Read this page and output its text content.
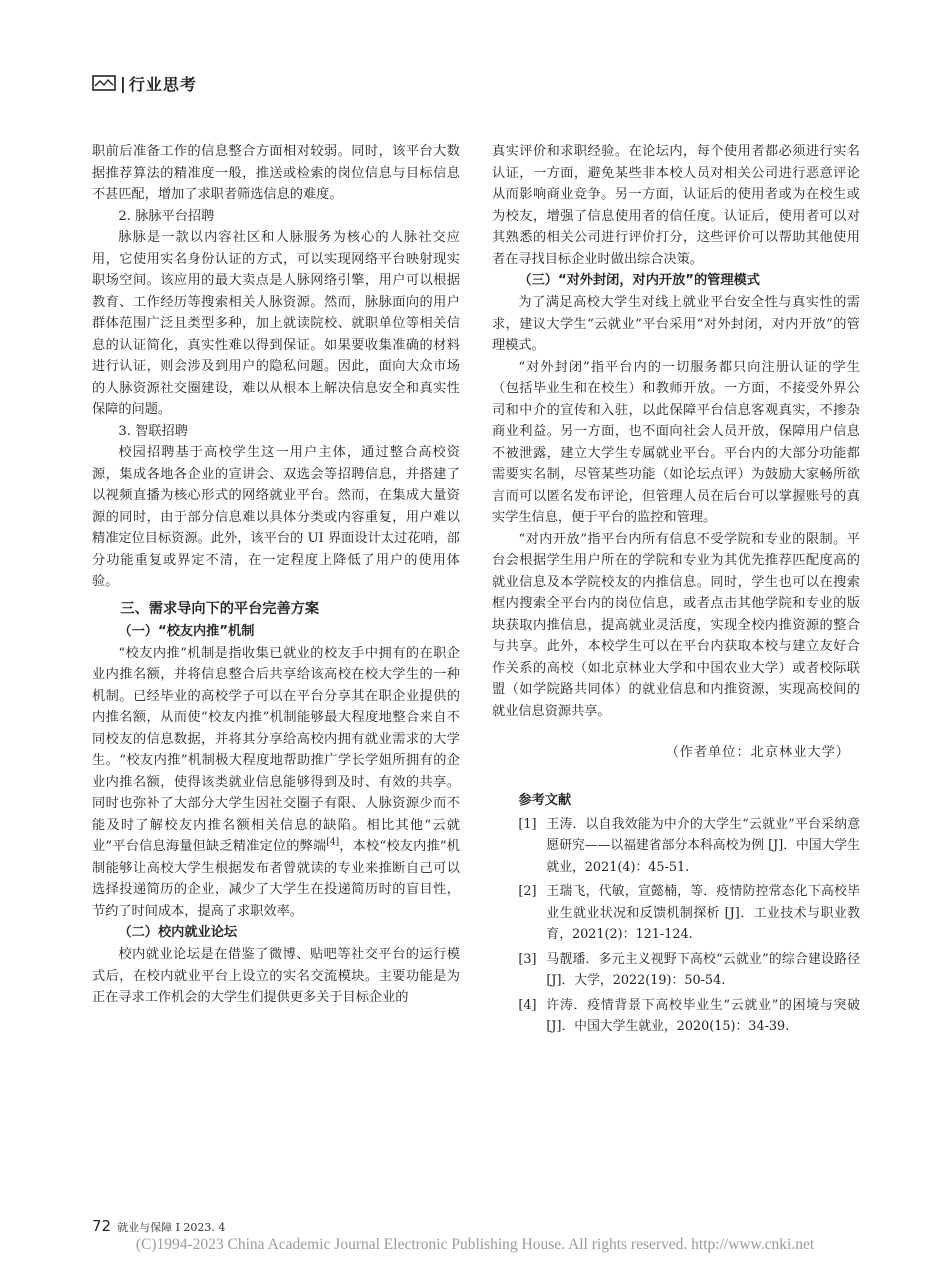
| 行业思考

职前后准备工作的信息整合方面相对较弱。同时，该平台大数据推荐算法的精准度一般，推送或检索的岗位信息与目标信息不甚匹配，增加了求职者筛选信息的难度。

2. 脉脉平台招聘

脉脉是一款以内容社区和人脉服务为核心的人脉社交应用，它使用实名身份认证的方式，可以实现网络平台映射现实职场空间。该应用的最大卖点是人脉网络引擎，用户可以根据教育、工作经历等搜索相关人脉资源。然而，脉脉面向的用户群体范围广泛且类型多种，加上就读院校、就职单位等相关信息的认证简化，真实性难以得到保证。如果要收集准确的材料进行认证，则会涉及到用户的隐私问题。因此，面向大众市场的人脉资源社交圈建设，难以从根本上解决信息安全和真实性保障的问题。

3. 智联招聘

校园招聘基于高校学生这一用户主体，通过整合高校资源，集成各地各企业的宣讲会、双选会等招聘信息，并搭建了以视频直播为核心形式的网络就业平台。然而，在集成大量资源的同时，由于部分信息难以具体分类或内容重复，用户难以精准定位目标资源。此外，该平台的 UI 界面设计太过花哨，部分功能重复或界定不清，在一定程度上降低了用户的使用体验。

三、需求导向下的平台完善方案
（一）“校友内推”机制

“校友内推”机制是指收集已就业的校友手中拥有的在职企业内推名额，并将信息整合后共享给该高校在校大学生的一种机制。已经毕业的高校学子可以在平台分享其在职企业提供的内推名额，从而使“校友内推”机制能够最大程度地整合来自不同校友的信息数据，并将其分享给高校内拥有就业需求的大学生。“校友内推”机制极大程度地帮助推广学长学姐所拥有的企业内推名额，使得该类就业信息能够得到及时、有效的共享。同时也弥补了大部分大学生因社交圈子有限、人脉资源少而不能及时了解校友内推名额相关信息的缺陷。相比其他“云就业”平台信息海量但缺乏精准定位的弊端[4]，本校“校友内推”机制能够让高校大学生根据发布者曾就读的专业来推断自己可以选择投递简历的企业，减少了大学生在投递简历时的盲目性，节约了时间成本，提高了求职效率。

（二）校内就业论坛

校内就业论坛是在借鉴了微博、贴吧等社交平台的运行模式后，在校内就业平台上设立的实名交流模块。主要功能是为正在寻求工作机会的大学生们提供更多关于目标企业的

真实评价和求职经验。在论坛内，每个使用者都必须进行实名认证，一方面，避免某些非本校人员对相关公司进行恶意评论从而影响商业竞争。另一方面，认证后的使用者或为在校生或为校友，增强了信息使用者的信任度。认证后，使用者可以对其熟悉的相关公司进行评价打分，这些评价可以帮助其他使用者在寻找目标企业时做出综合决策。

（三）“对外封闭，对内开放”的管理模式

为了满足高校大学生对线上就业平台安全性与真实性的需求，建议大学生“云就业”平台采用“对外封闭，对内开放”的管理模式。

“对外封闭”指平台内的一切服务都只向注册认证的学生（包括毕业生和在校生）和教师开放。一方面，不接受外界公司和中介的宣传和入驻，以此保障平台信息客观真实，不掺杂商业利益。另一方面，也不面向社会人员开放，保障用户信息不被泄露，建立大学生专属就业平台。平台内的大部分功能都需要实名制，尽管某些功能（如论坛点评）为鼓励大家畅所欲言而可以匿名发布评论，但管理人员在后台可以掌握账号的真实学生信息，便于平台的监控和管理。

“对内开放”指平台内所有信息不受学院和专业的限制。平台会根据学生用户所在的学院和专业为其优先推荐匹配度高的就业信息及本学院校友的内推信息。同时，学生也可以在搜索框内搜索全平台内的岗位信息，或者点击其他学院和专业的版块获取内推信息，提高就业灵活度，实现全校内推资源的整合与共享。此外，本校学生可以在平台内获取本校与建立友好合作关系的高校（如北京林业大学和中国农业大学）或者校际联盟（如学院路共同体）的就业信息和内推资源，实现高校间的就业信息资源共享。

（作者单位：北京林业大学）
参考文献
[1] 王涛．以自我效能为中介的大学生“云就业”平台采纳意愿研究——以福建省部分本科高校为例 [J]．中国大学生就业，2021(4)：45-51.
[2] 王瑞飞，代敏，宣懿楠，等．疫情防控常态化下高校毕业生就业状况和反馈机制探析 [J]．工业技术与职业教育，2021(2)：121-124.
[3] 马靓璠．多元主义视野下高校“云就业”的综合建设路径 [J]．大学，2022(19)：50-54.
[4] 许涛．疫情背景下高校毕业生“云就业”的困境与突破 [J]．中国大学生就业，2020(15)：34-39.
72 就业与保障 I 2023. 4
(C)1994-2023 China Academic Journal Electronic Publishing House. All rights reserved. http://www.cnki.net
